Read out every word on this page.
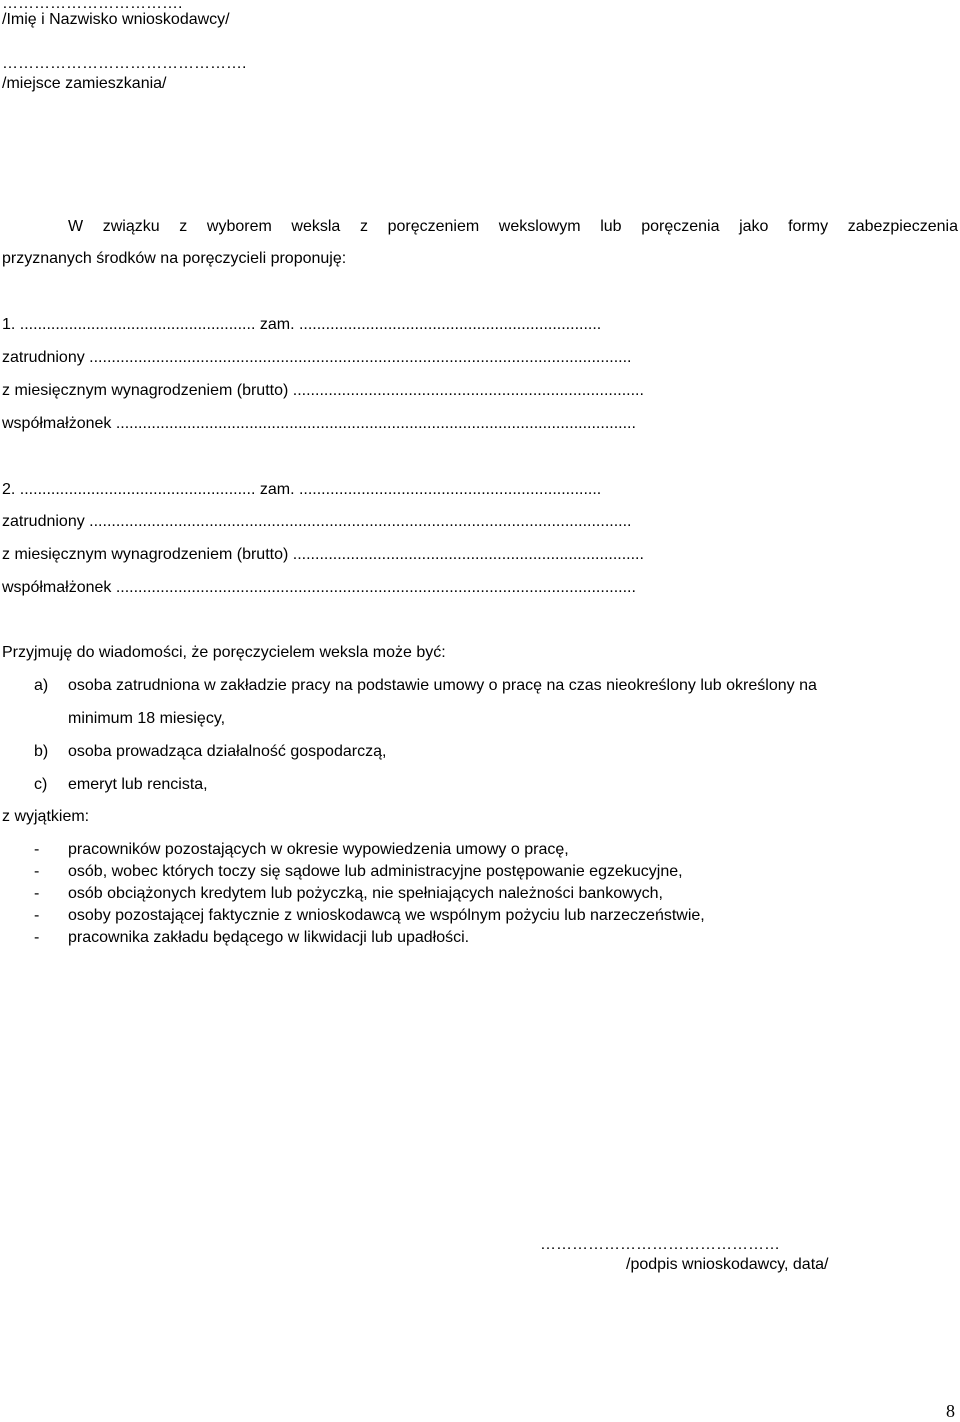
…………………………….
/Imię i Nazwisko wnioskodawcy/
……………………………………….
/miejsce zamieszkania/
W związku z wyborem weksla z poręczeniem wekslowym lub poręczenia jako formy zabezpieczenia
przyznanych środków na poręczycieli proponuję:
1. ..................................................... zam. ....................................................................
zatrudniony ..........................................................................................................................
z miesięcznym wynagrodzeniem (brutto) ...............................................................................
współmałżonek .....................................................................................................................
2. ..................................................... zam. ....................................................................
zatrudniony ..........................................................................................................................
z miesięcznym wynagrodzeniem (brutto) ...............................................................................
współmałżonek .....................................................................................................................
Przyjmuję do wiadomości, że poręczycielem weksla może być:
a) osoba zatrudniona w zakładzie pracy na podstawie umowy o pracę na czas nieokreślony lub określony na
minimum 18 miesięcy,
b) osoba prowadząca działalność gospodarczą,
c) emeryt lub rencista,
z wyjątkiem:
- pracowników pozostających w okresie wypowiedzenia umowy o pracę,
- osób, wobec których toczy się sądowe lub administracyjne postępowanie egzekucyjne,
- osób obciążonych kredytem lub pożyczką, nie spełniających należności bankowych,
- osoby pozostającej faktycznie z wnioskodawcą we wspólnym pożyciu lub narzeczeństwie,
- pracownika zakładu będącego w likwidacji lub upadłości.
………………………………………
/podpis wnioskodawcy, data/
8
